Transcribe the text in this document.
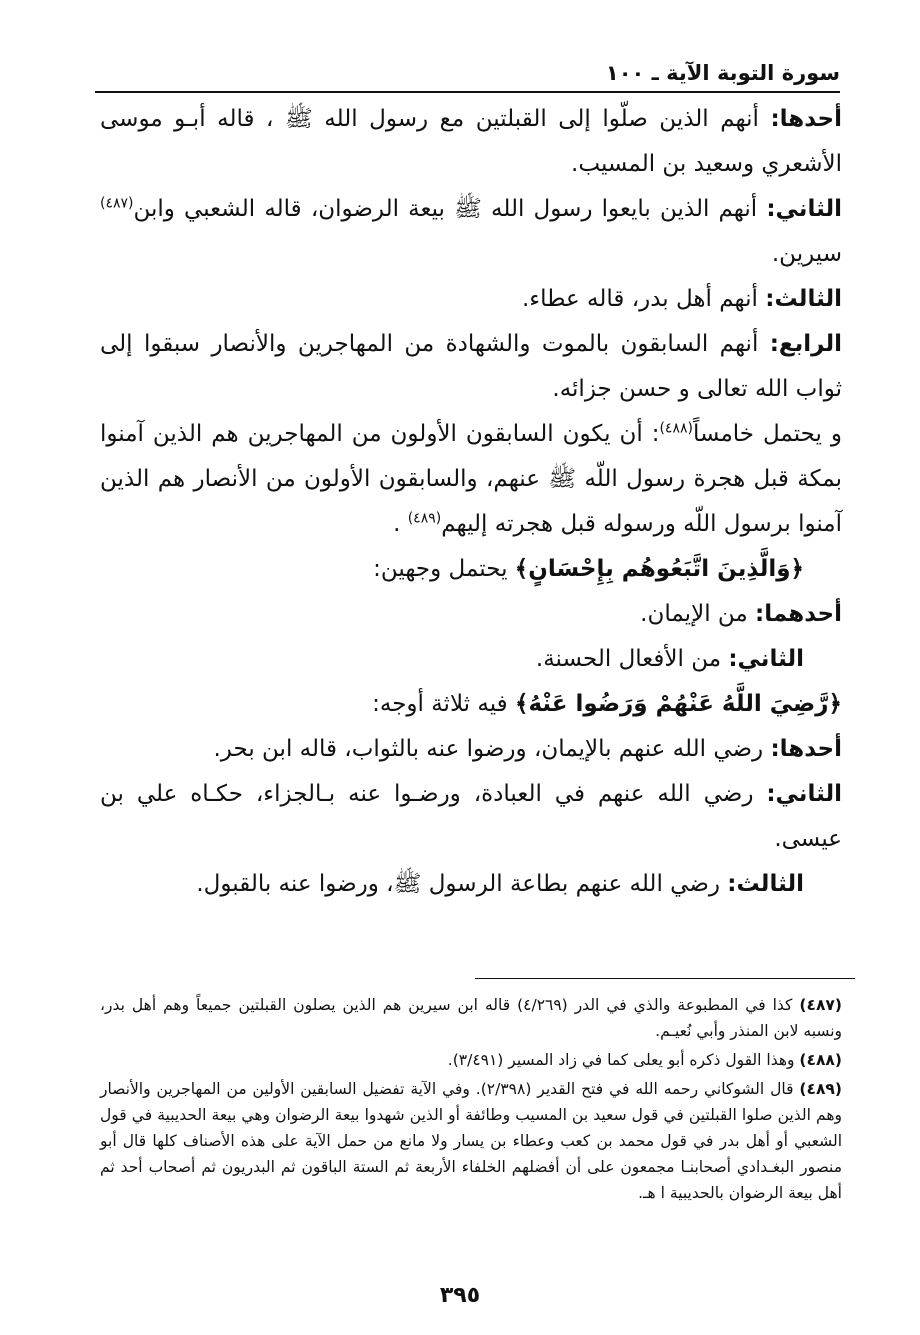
سورة التوبة الآية ـ ١٠٠

أحدها: أنهم الذين صلّوا إلى القبلتين مع رسول الله ﷺ ، قاله أبـو موسى الأشعري وسعيد بن المسيب.

الثاني: أنهم الذين بايعوا رسول الله ﷺ بيعة الرضوان، قاله الشعبي وابن$^{(٤٨٧)}$ سيرين.

الثالث: أنهم أهل بدر، قاله عطاء.

الرابع: أنهم السابقون بالموت والشهادة من المهاجرين والأنصار سبقوا إلى ثواب الله تعالى و حسن جزائه.

و يحتمل خامساً$^{(٤٨٨)}$: أن يكون السابقون الأولون من المهاجرين هم الذين آمنوا بمكة قبل هجرة رسول اللّه ﷺ عنهم، والسابقون الأولون من الأنصار هم الذين آمنوا برسول اللّه ورسوله قبل هجرته إليهم$^{(٤٨٩)}$ .

﴿وَالَّذِينَ اتَّبَعُوهُم بِإِحْسَانٍ﴾ يحتمل وجهين:

أحدهما: من الإيمان.

الثاني: من الأفعال الحسنة.

﴿رَّضِيَ اللَّهُ عَنْهُمْ وَرَضُوا عَنْهُ﴾ فيه ثلاثة أوجه:

أحدها: رضي الله عنهم بالإيمان، ورضوا عنه بالثواب، قاله ابن بحر.

الثاني: رضي الله عنهم في العبادة، ورضـوا عنه بـالجزاء، حكـاه علي بن عيسى.

الثالث: رضي الله عنهم بطاعة الرسول ﷺ، ورضوا عنه بالقبول.

(٤٨٧) كذا في المطبوعة والذي في الدر (٤/٢٦٩) قاله ابن سيرين هم الذين يصلون القبلتين جميعاً وهم أهل بدر، ونسبه لابن المنذر وأبي نُعيـم.

(٤٨٨) وهذا القول ذكره أبو يعلى كما في زاد المسير (٣/٤٩١).

(٤٨٩) قال الشوكاني رحمه الله في فتح القدير (٢/٣٩٨). وفي الآية تفضيل السابقين الأولين من المهاجرين والأنصار وهم الذين صلوا القبلتين في قول سعيد بن المسيب وطائفة أو الذين شهدوا بيعة الرضوان وهي بيعة الحديبية في قول الشعبي أو أهل بدر في قول محمد بن كعب وعطاء بن يسار ولا مانع من حمل الآية على هذه الأصناف كلها قال أبو منصور البغـدادي أصحابنـا مجمعون على أن أفضلهم الخلفاء الأربعة ثم الستة الباقون ثم البدريون ثم أصحاب أحد ثم أهل بيعة الرضوان بالحديبية ا هـ.

٣٩٥
